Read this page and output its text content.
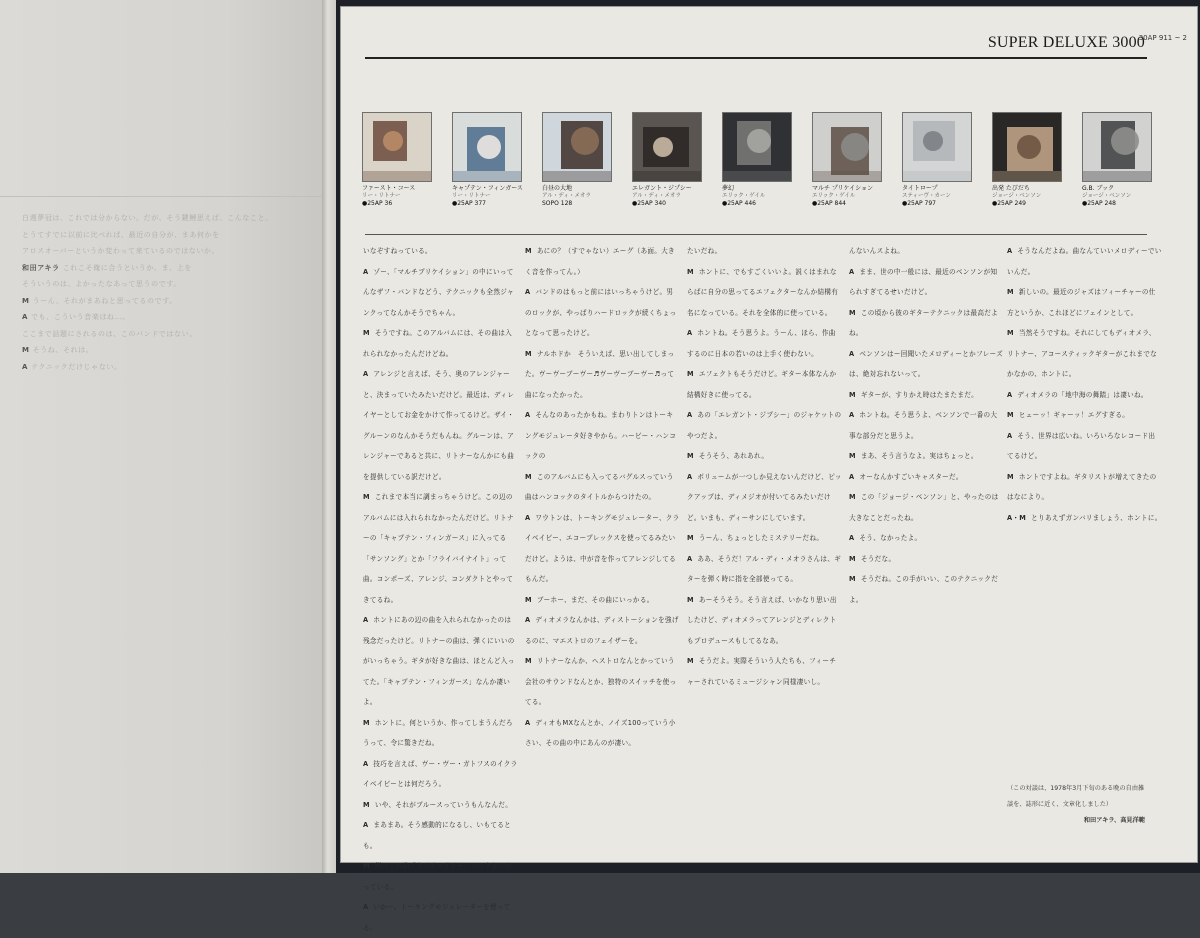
白週夢冠は、これでは分からない。だが、そう鍵鯉思えば、こんなこと。

とうてすでに以前に比べれば、最近の自分が、まあ何かを

アロスオーバーというか変わって来ているのではないか。

和田アキラ これこそ俺に合うというか、ま、上を

そういうのは、よかったなあって思うのです。

M うーん、それがまあねと思ってるのです。

A でも、こういう音楽はね…。

ここまで話題にされるのは、このバンドではない。

M そうね、それは。

A テクニックだけじゃない。

30AP 911 ~ 2
SUPER DELUXE 3000
ファースト・コース
リー・リトナー
●25AP 36
キャプテン・フィンガース
リー・リトナー
●25AP 377
白昼の大地
アル・ディ・メオラ
SOPO 128
エレガント・ジプシー
アル・ディ・メオラ
●25AP 340
夢幻
エリック・ゲイル
●25AP 446
マルチ プリケイション
エリック・ゲイル
●25AP 844
タイトロープ
スティーヴ・カーン
●25AP 797
出発 たびだち
ジョージ・ベンソン
●25AP 249
G.B. ブック
ジョージ・ベンソン
●25AP 248

いなぞすねっている。

A ゾー、「マルチプリケイション」の中にいってんなザフ・バンドなどう、テクニックも全然ジャンクってなんかそうでちゃん。

M そうですね。このアルバムには、その曲は入れられなかったんだけどね。

A アレンジと言えば、そう、奥のアレンジャーと、決まっていたみたいだけど。最近は、ディレイヤーとしてお金をかけて作ってるけど。ザイ・グルーンのなんかそうだもんね。グルーンは、アレンジャーであると共に、リトナーなんかにも曲を提供している訳だけど。

M これまで本当に調まっちゃうけど。この辺のアルバムには入れられなかったんだけど。リトナーの「キャプテン・フィンガース」に入ってる「サンソング」とか「フライバイナイト」って曲。コンポーズ、アレンジ、コンダクトとやってきてるね。

A ホントにあの辺の曲を入れられなかったのは残念だったけど。リトナーの曲は、弾くにいいのがいっちゃう。ギタが好きな曲は、ほとんど入ってた。「キャプテン・フィンガース」なんか凄いよ。

M ホントに。何というか、作ってしまうんだろうって、令に驚きだね。

A 技巧を言えば、ヴー・ヴー・ガトフスのイクライベイビーとは何だろう。

M いや、それがブルースっていうもんなんだ。

A まあまあ。そう感動的になるし、いもてるとも。

M 例のこの曲「クライベイビー」バックがいかっている。

A いかー。トーキングモジュレーターを使ってる。

M あにの？（すでゃない）エーグ（あ面。大きく音を作ってん。）

A バンドのはもっと前にはいっちゃうけど。男のロックが、やっぱりハードロックが続くちょっとなって思ったけど。

M ナルホドか　そういえば、思い出してしまった。ヴーヴーブーヴー♬ヴーヴーブーヴー♬って曲になったかった。

A そんなのあったかもね。まわりトンはトーキングモジュレータ好きやから。ハービー・ハンコックの

M このアルバムにも入ってるバグルスっていう曲はハンコックのタイトルからつけたの。

A ワウトンは、トーキングモジュレーター、クライベイビー、エコープレックスを使ってるみたいだけど。ようは、中が音を作ってアレンジしてるもんだ。

M ブーホー、まだ、その曲にいっかる。

A ディオメラなんかは、ディストーションを強げるのに、マエストロのフェイザーを。

M リトナーなんか、ヘストロなんとかっていう会社のサウンドなんとか、独特のスイッチを使ってる。

A ディオもMXなんとか、ノイズ100っていう小さい、その曲の中にあんのが凄い。

たいだね。

M ホントに、でもすごくいいよ。説くはまれならばに自分の思ってるエフェクターなんか結構有名になっている。それを全体的に使っている。

A ホントね。そう思うよ。うーん、ほら、作曲するのに日本の若いのは上手く使わない。

M エフェクトもそうだけど。ギター本体なんか結構好きに使ってる。

A あの「エレガント・ジプシー」のジャケットのやつだよ。

M そうそう、あれあれ。

A ボリュームが一つしか見えないんだけど、ピックアップは、ディメジオが付いてるみたいだけど。いまも、ディーサンにしています。

M うーん、ちょっとしたミステリーだね。

A ああ、そうだ！アル・ディ・メオラさんは、ギターを弾く時に指を全部使ってる。

M あーそうそう。そう言えば、いかなり思い出したけど、ディオメラってアレンジとディレクトもプロデュースもしてるなあ。

M そうだよ。実際そういう人たちも、フィーチャーされているミュージシャン同様凄いし。

んないんスよね。

A まま、世の中一般には、最近のベンソンが知られすぎてるせいだけど。

M この頃から彼のギターテクニックは最高だよね。

A ベンソンはー回聞いたメロディーとかフレーズは、絶対忘れないって。

M ギターが、すりかえ時はたまたまだ。

A ホントね。そう思うよ、ベンソンで一番の大事な部分だと思うよ。

M まあ、そう言うなよ。実はちょっと。

A オーなんかすごいキャスターだ。

M この「ジョージ・ベンソン」と、やったのは大きなことだったね。

A そう、なかったよ。

M そうだな。

M そうだね。この手がいい、このテクニックだよ。

A そうなんだよね。曲なんていいメロディーでいいんだ。

M 新しいの。最近のジャズはフィーチャーの仕方というか、これほどにフェインとして。

M 当然そうですね。それにしてもディオメラ、リトナー、アコースティックギターがこれまでなかなかの、ホントに。

A ディオメラの「地中海の舞踏」は凄いね。

M ヒェーッ！ギャーッ！エグすぎる。

A そう、世界は広いね。いろいろなレコード出てるけど。

M ホントですよね。ギタリストが増えてきたのはなにより。

A・M とりあえずガンバリましょう、ホントに。

（この対談は、1978年3月下旬のある晩の自由雑談を、誌形に近く、文章化しました）
和田アキラ、高見洋範
